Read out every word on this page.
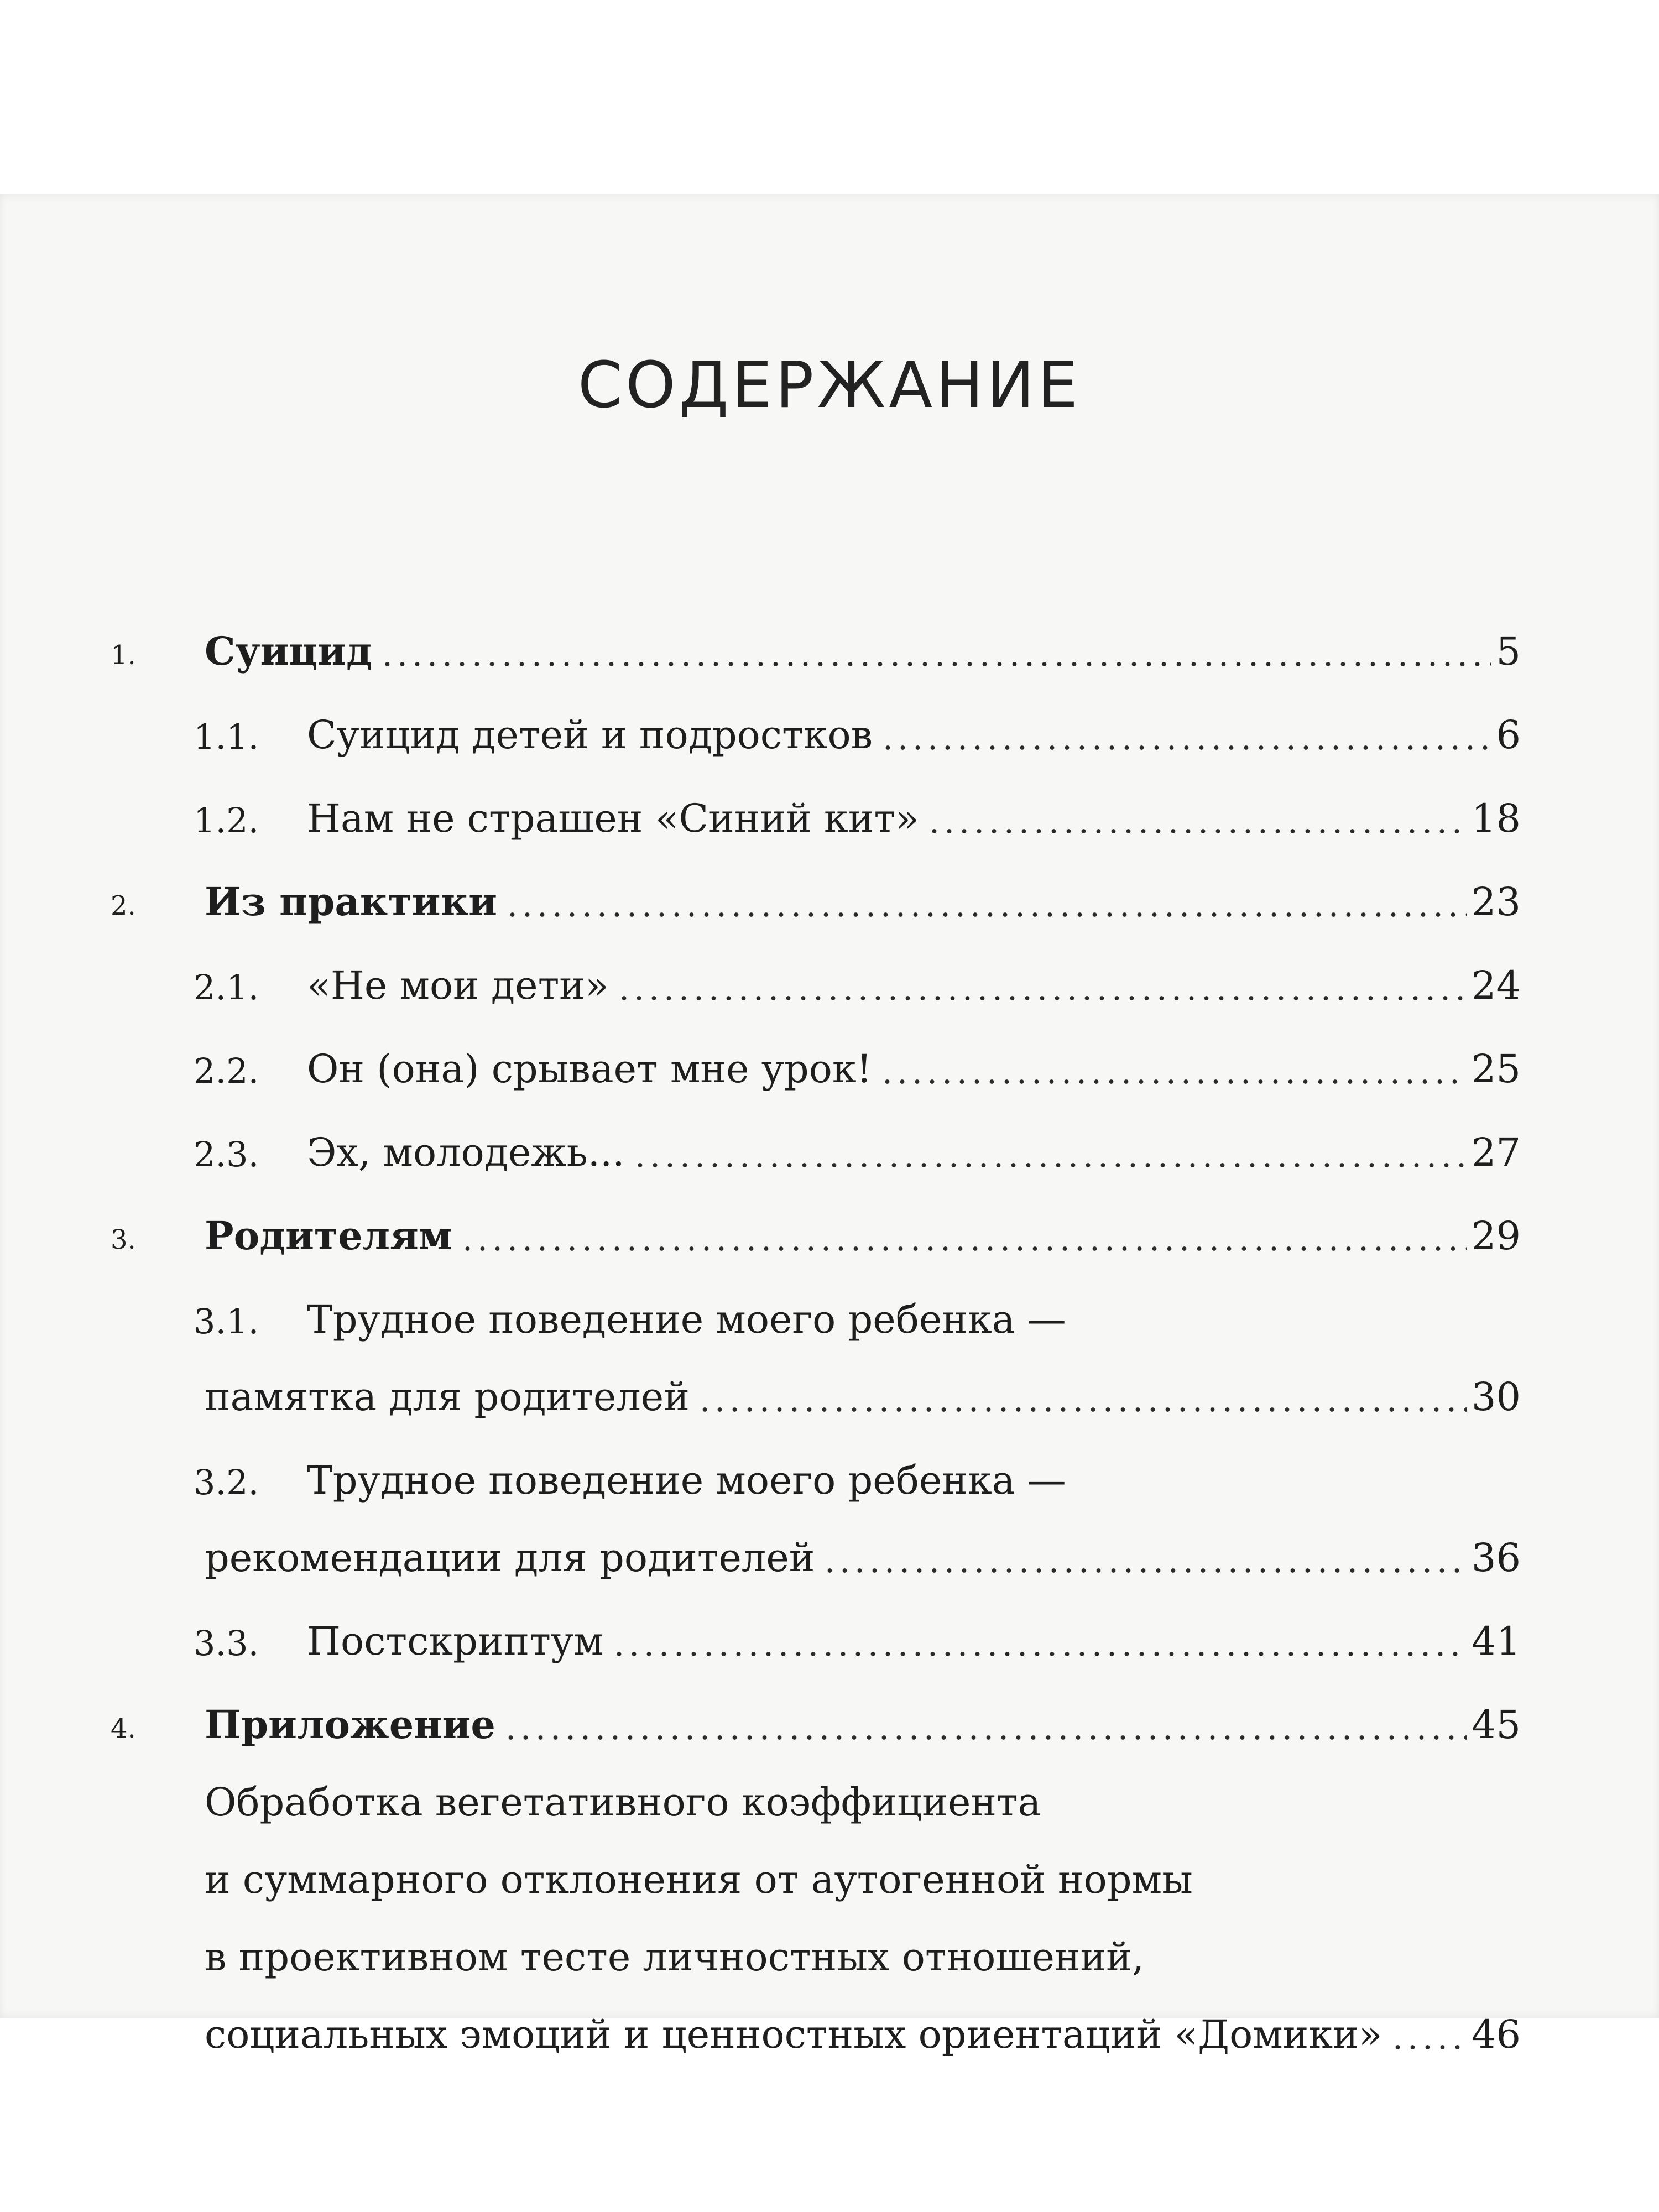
СОДЕРЖАНИЕ
1. Суицид	5
1.1. Суицид детей и подростков	6
1.2. Нам не страшен «Синий кит»	18
2. Из практики	23
2.1. «Не мои дети»	24
2.2. Он (она) срывает мне урок!	25
2.3. Эх, молодежь...	27
3. Родителям	29
3.1. Трудное поведение моего ребенка —
памятка для родителей	30
3.2. Трудное поведение моего ребенка —
рекомендации для родителей	36
3.3. Постскриптум	41
4. Приложение	45
Обработка вегетативного коэффициента
и суммарного отклонения от аутогенной нормы
в проективном тесте личностных отношений,
социальных эмоций и ценностных ориентаций «Домики» 46
